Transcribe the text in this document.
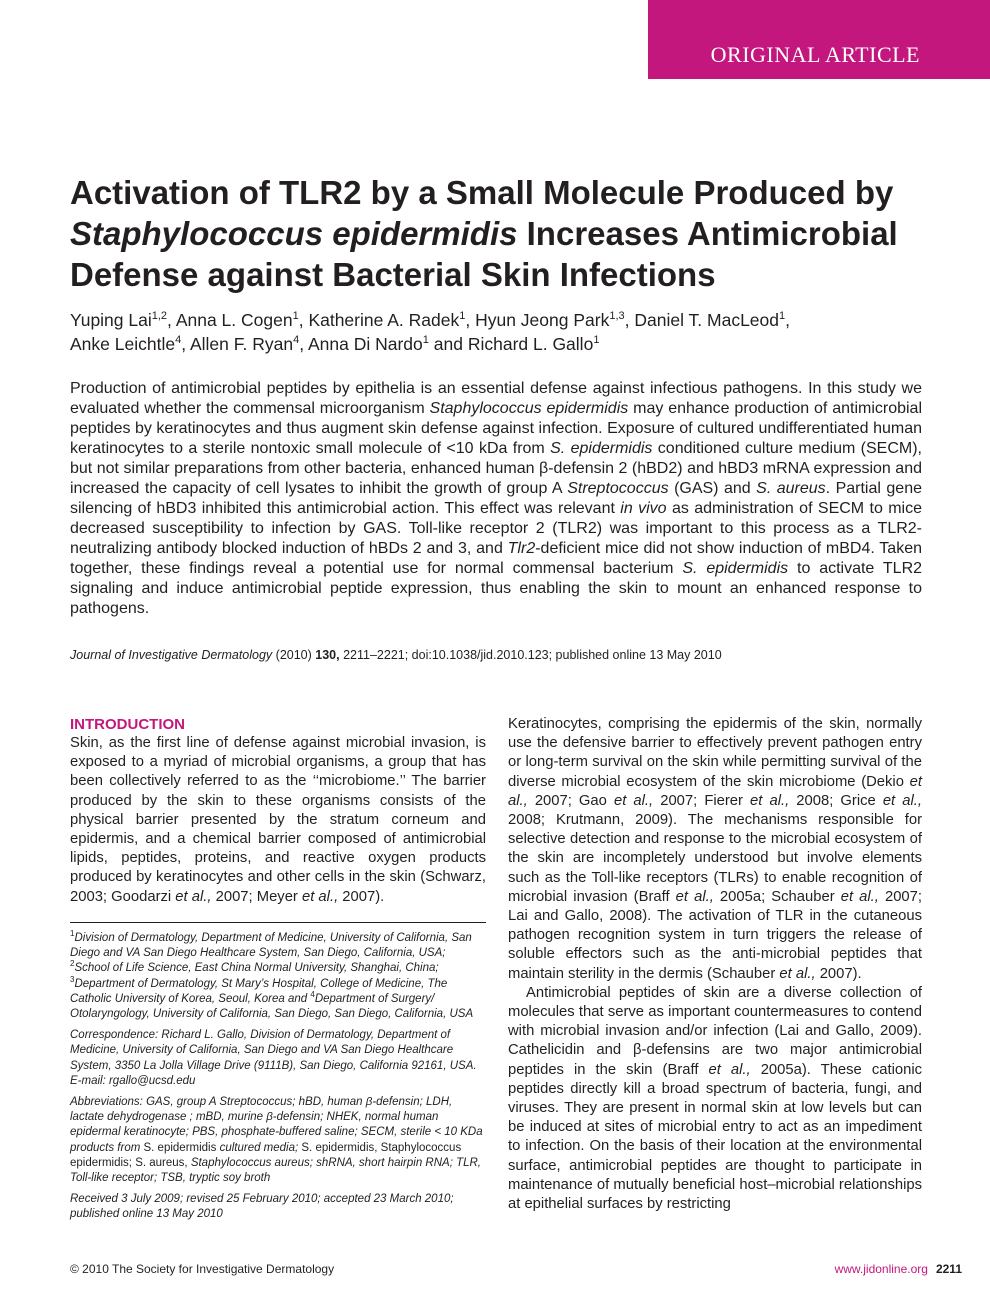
ORIGINAL ARTICLE
Activation of TLR2 by a Small Molecule Produced by Staphylococcus epidermidis Increases Antimicrobial Defense against Bacterial Skin Infections
Yuping Lai$^{1,2}$, Anna L. Cogen$^1$, Katherine A. Radek$^1$, Hyun Jeong Park$^{1,3}$, Daniel T. MacLeod$^1$,
Anke Leichtle$^4$, Allen F. Ryan$^4$, Anna Di Nardo$^1$ and Richard L. Gallo$^1$

Production of antimicrobial peptides by epithelia is an essential defense against infectious pathogens. In this study we evaluated whether the commensal microorganism Staphylococcus epidermidis may enhance production of antimicrobial peptides by keratinocytes and thus augment skin defense against infection. Exposure of cultured undifferentiated human keratinocytes to a sterile nontoxic small molecule of <10 kDa from S. epidermidis conditioned culture medium (SECM), but not similar preparations from other bacteria, enhanced human β-defensin 2 (hBD2) and hBD3 mRNA expression and increased the capacity of cell lysates to inhibit the growth of group A Streptococcus (GAS) and S. aureus. Partial gene silencing of hBD3 inhibited this antimicrobial action. This effect was relevant in vivo as administration of SECM to mice decreased susceptibility to infection by GAS. Toll-like receptor 2 (TLR2) was important to this process as a TLR2-neutralizing antibody blocked induction of hBDs 2 and 3, and Tlr2-deficient mice did not show induction of mBD4. Taken together, these findings reveal a potential use for normal commensal bacterium S. epidermidis to activate TLR2 signaling and induce antimicrobial peptide expression, thus enabling the skin to mount an enhanced response to pathogens.

Journal of Investigative Dermatology (2010) 130, 2211–2221; doi:10.1038/jid.2010.123; published online 13 May 2010
INTRODUCTION

Skin, as the first line of defense against microbial invasion, is exposed to a myriad of microbial organisms, a group that has been collectively referred to as the ‘‘microbiome.’’ The barrier produced by the skin to these organisms consists of the physical barrier presented by the stratum corneum and epidermis, and a chemical barrier composed of antimicrobial lipids, peptides, proteins, and reactive oxygen products produced by keratinocytes and other cells in the skin (Schwarz, 2003; Goodarzi et al., 2007; Meyer et al., 2007).

$^1$Division of Dermatology, Department of Medicine, University of California, San Diego and VA San Diego Healthcare System, San Diego, California, USA;
$^2$School of Life Science, East China Normal University, Shanghai, China;
$^3$Department of Dermatology, St Mary’s Hospital, College of Medicine, The Catholic University of Korea, Seoul, Korea and $^4$Department of Surgery/ Otolaryngology, University of California, San Diego, San Diego, California, USA

Correspondence: Richard L. Gallo, Division of Dermatology, Department of Medicine, University of California, San Diego and VA San Diego Healthcare System, 3350 La Jolla Village Drive (9111B), San Diego, California 92161, USA. E-mail: rgallo@ucsd.edu

Abbreviations: GAS, group A Streptococcus; hBD, human β-defensin; LDH, lactate dehydrogenase ; mBD, murine β-defensin; NHEK, normal human epidermal keratinocyte; PBS, phosphate-buffered saline; SECM, sterile < 10 KDa products from S. epidermidis cultured media; S. epidermidis, Staphylococcus epidermidis; S. aureus, Staphylococcus aureus; shRNA, short hairpin RNA; TLR, Toll-like receptor; TSB, tryptic soy broth

Received 3 July 2009; revised 25 February 2010; accepted 23 March 2010; published online 13 May 2010

Keratinocytes, comprising the epidermis of the skin, normally use the defensive barrier to effectively prevent pathogen entry or long-term survival on the skin while permitting survival of the diverse microbial ecosystem of the skin microbiome (Dekio et al., 2007; Gao et al., 2007; Fierer et al., 2008; Grice et al., 2008; Krutmann, 2009). The mechanisms responsible for selective detection and response to the microbial ecosystem of the skin are incompletely understood but involve elements such as the Toll-like receptors (TLRs) to enable recognition of microbial invasion (Braff et al., 2005a; Schauber et al., 2007; Lai and Gallo, 2008). The activation of TLR in the cutaneous pathogen recognition system in turn triggers the release of soluble effectors such as the anti-microbial peptides that maintain sterility in the dermis (Schauber et al., 2007).

Antimicrobial peptides of skin are a diverse collection of molecules that serve as important countermeasures to contend with microbial invasion and/or infection (Lai and Gallo, 2009). Cathelicidin and β-defensins are two major antimicrobial peptides in the skin (Braff et al., 2005a). These cationic peptides directly kill a broad spectrum of bacteria, fungi, and viruses. They are present in normal skin at low levels but can be induced at sites of microbial entry to act as an impediment to infection. On the basis of their location at the environmental surface, antimicrobial peptides are thought to participate in maintenance of mutually beneficial host–microbial relationships at epithelial surfaces by restricting

© 2010 The Society for Investigative Dermatology	www.jidonline.org 2211
